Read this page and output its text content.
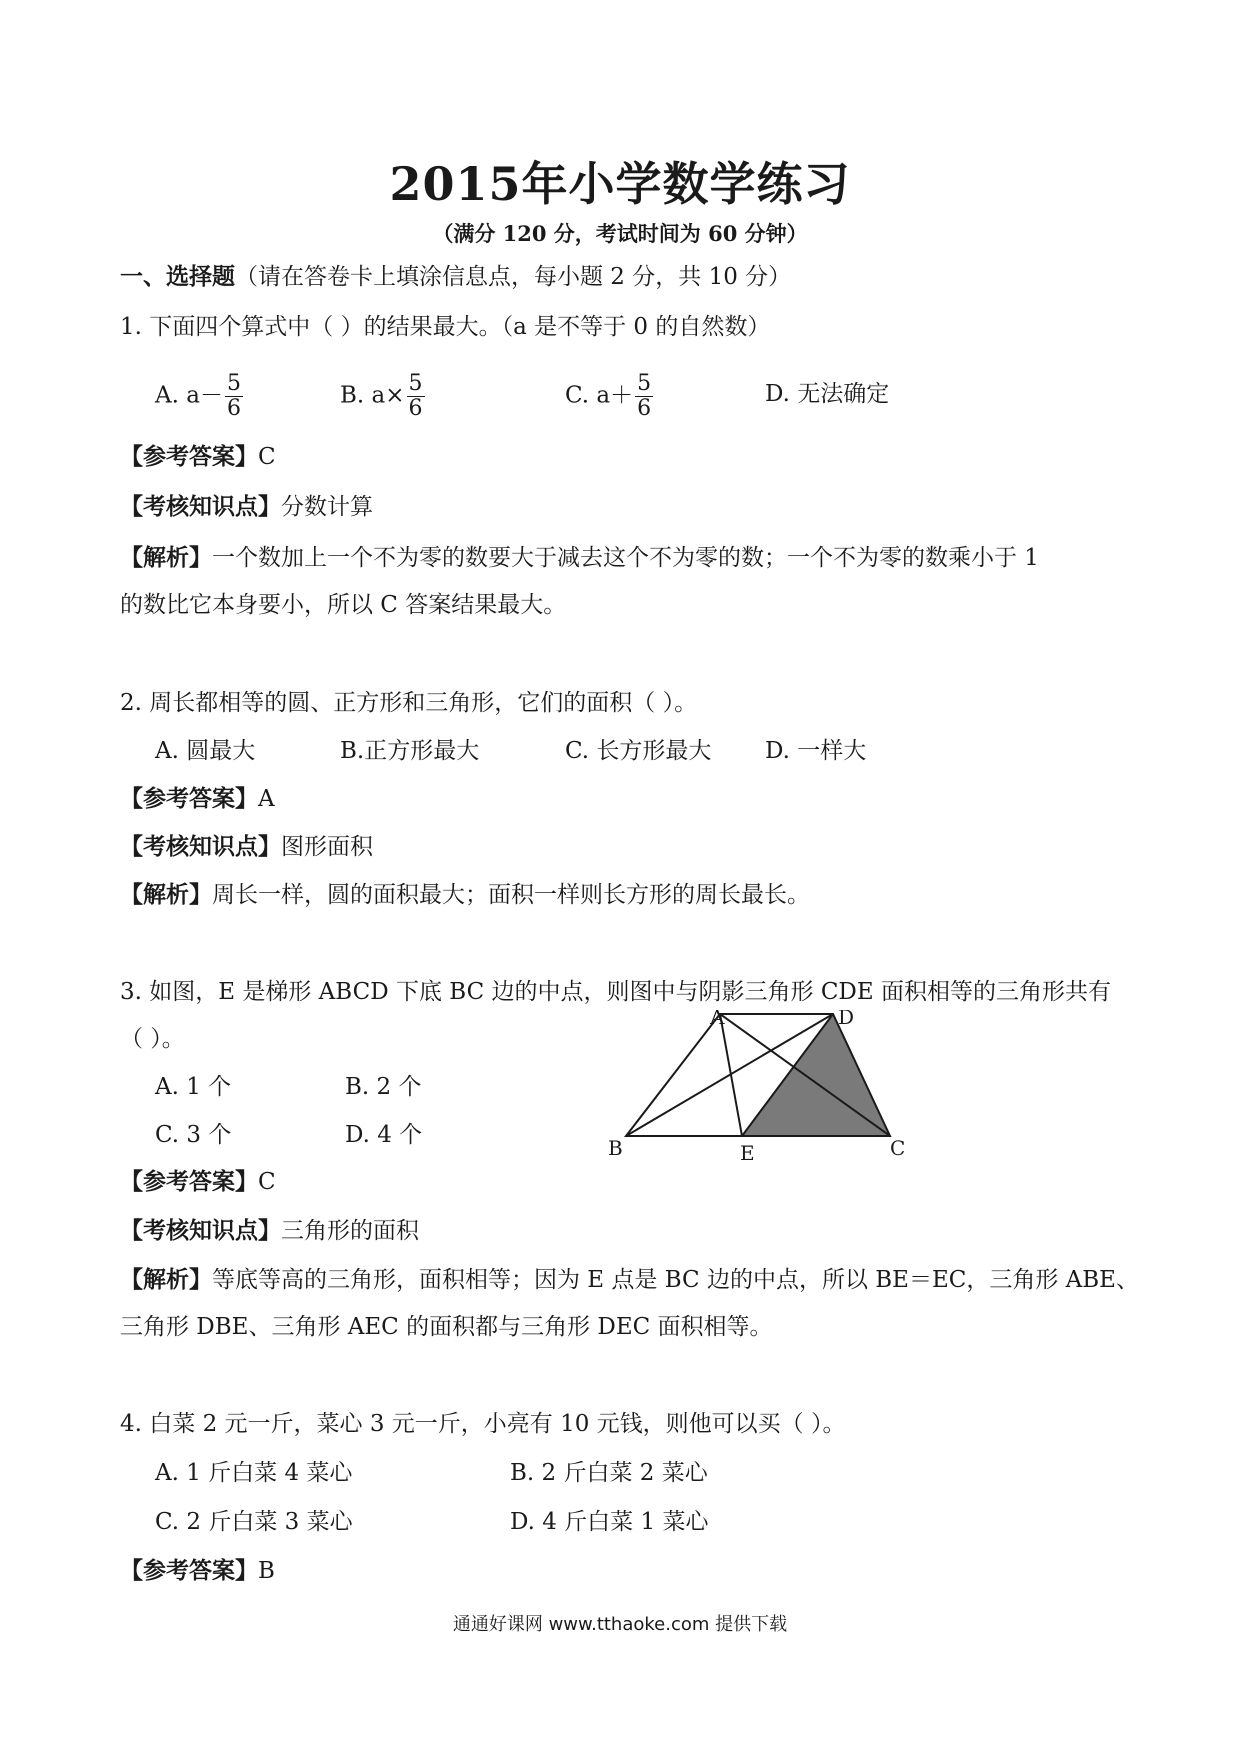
2015年小学数学练习
（满分 120 分，考试时间为 60 分钟）
一、选择题（请在答卷卡上填涂信息点，每小题 2 分，共 10 分）
1. 下面四个算式中（ ）的结果最大。（a 是不等于 0 的自然数）
A. $a- \frac{5}{6}$	B. $a\times \frac{5}{6}$	C. $a+ \frac{5}{6}$	D. 无法确定
【参考答案】C
【考核知识点】分数计算
【解析】一个数加上一个不为零的数要大于减去这个不为零的数；一个不为零的数乘小于 1
的数比它本身要小，所以 C 答案结果最大。
2. 周长都相等的圆、正方形和三角形，它们的面积（ ）。
A. 圆最大	B.正方形最大	C. 长方形最大 D. 一样大
【参考答案】A
【考核知识点】图形面积
【解析】周长一样，圆的面积最大；面积一样则长方形的周长最长。
3. 如图，E 是梯形 ABCD 下底 BC 边的中点，则图中与阴影三角形 CDE 面积相等的三角形共有
（ ）。
A. 1 个	B. 2 个
C. 3 个	D. 4 个
A	D
B	E	C
【参考答案】C
【考核知识点】三角形的面积
【解析】等底等高的三角形，面积相等；因为 E 点是 BC 边的中点，所以 BE＝EC，三角形 ABE、
三角形 DBE、三角形 AEC 的面积都与三角形 DEC 面积相等。
4. 白菜 2 元一斤，菜心 3 元一斤，小亮有 10 元钱，则他可以买（ ）。
A. 1 斤白菜 4 菜心	B. 2 斤白菜 2 菜心
C. 2 斤白菜 3 菜心	D. 4 斤白菜 1 菜心
【参考答案】B
通通好课网 www.tthaoke.com 提供下载
